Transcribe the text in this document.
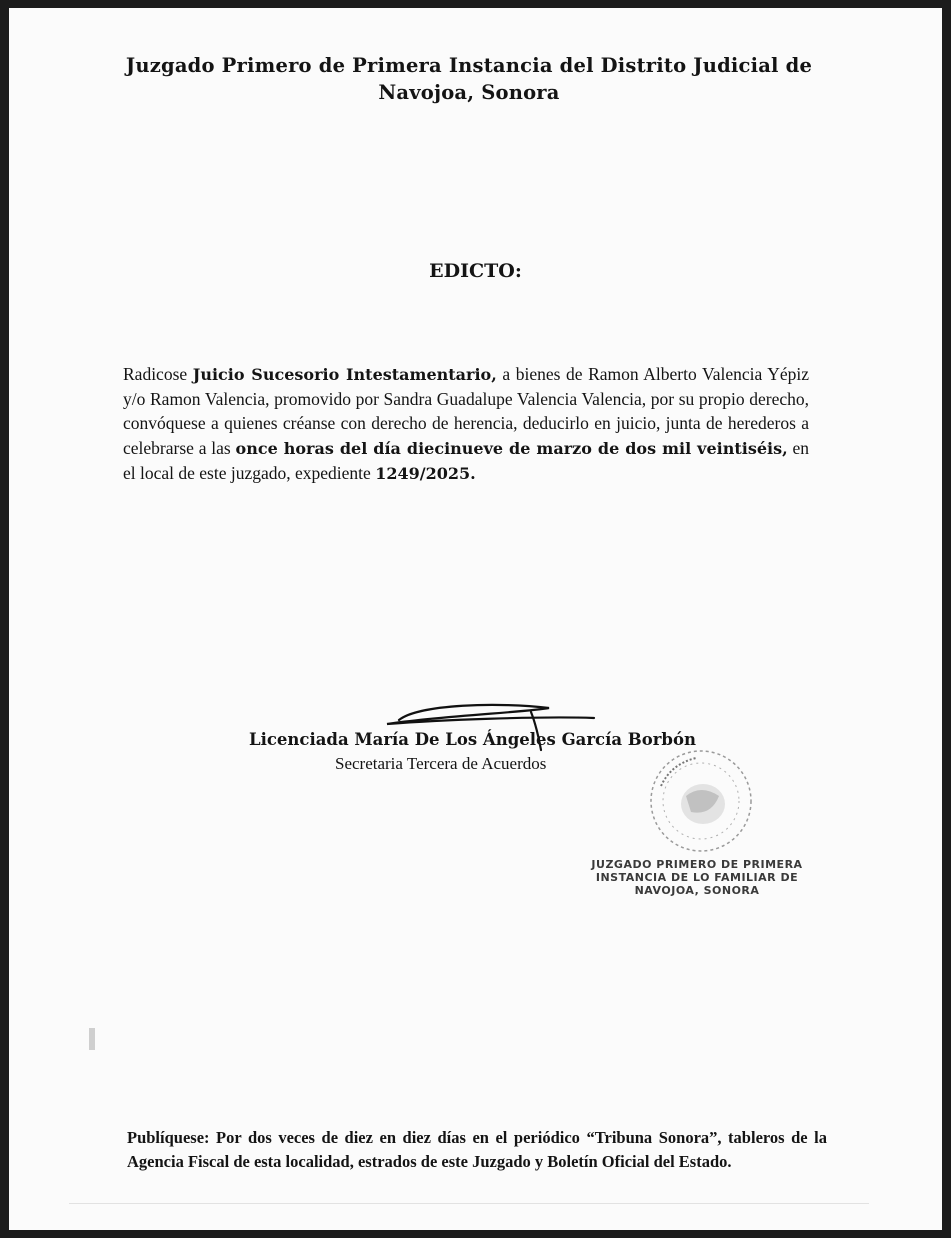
Juzgado Primero de Primera Instancia del Distrito Judicial de
Navojoa, Sonora
EDICTO:
Radicose Juicio Sucesorio Intestamentario, a bienes de Ramon Alberto Valencia Yépiz y/o Ramon Valencia, promovido por Sandra Guadalupe Valencia Valencia, por su propio derecho, convóquese a quienes créanse con derecho de herencia, deducirlo en juicio, junta de herederos a celebrarse a las once horas del día diecinueve de marzo de dos mil veintiséis, en el local de este juzgado, expediente 1249/2025.
Licenciada María De Los Ángeles García Borbón
Secretaria Tercera de Acuerdos
JUZGADO PRIMERO DE PRIMERA
INSTANCIA DE LO FAMILIAR DE
NAVOJOA, SONORA
Publíquese: Por dos veces de diez en diez días en el periódico “Tribuna Sonora”, tableros de la Agencia Fiscal de esta localidad, estrados de este Juzgado y Boletín Oficial del Estado.
